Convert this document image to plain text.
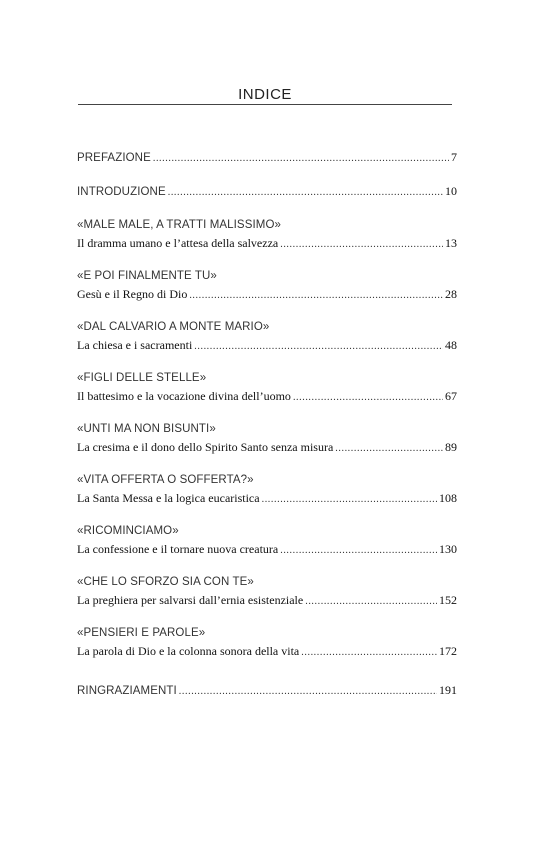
INDICE
PREFAZIONE .....	7
INTRODUZIONE .....	10
«MALE MALE, A TRATTI MALISSIMO»
Il dramma umano e l’attesa della salvezza .....	13
«E POI FINALMENTE TU»
Gesù e il Regno di Dio .....	28
«DAL CALVARIO A MONTE MARIO»
La chiesa e i sacramenti .....	48
«FIGLI DELLE STELLE»
Il battesimo e la vocazione divina dell’uomo .....	67
«UNTI MA NON BISUNTI»
La cresima e il dono dello Spirito Santo senza misura .....	89
«VITA OFFERTA O SOFFERTA?»
La Santa Messa e la logica eucaristica .....	108
«RICOMINCIAMO»
La confessione e il tornare nuova creatura .....	130
«CHE LO SFORZO SIA CON TE»
La preghiera per salvarsi dall’ernia esistenziale .....	152
«PENSIERI E PAROLE»
La parola di Dio e la colonna sonora della vita .....	172
RINGRAZIAMENTI .....	191
